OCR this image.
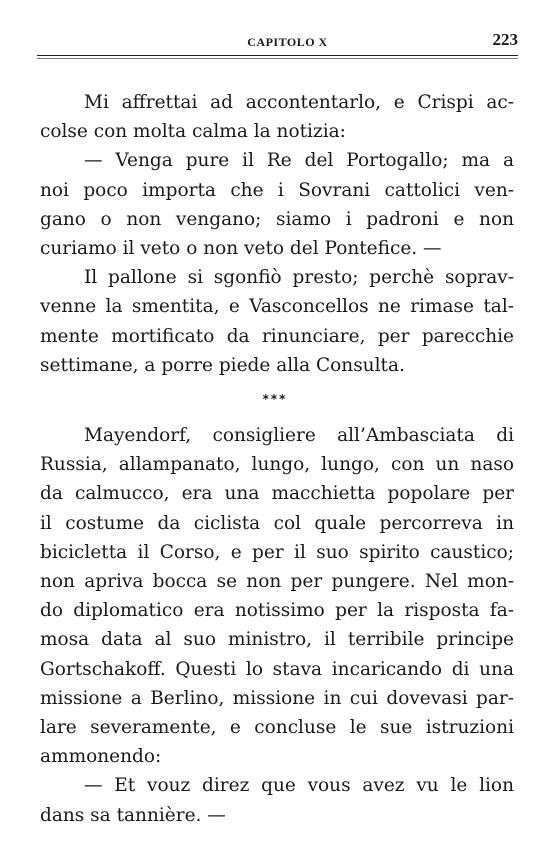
CAPITOLO X	223
Mi affrettai ad accontentarlo, e Crispi ac-
colse con molta calma la notizia:
— Venga pure il Re del Portogallo; ma a
noi poco importa che i Sovrani cattolici ven-
gano o non vengano; siamo i padroni e non
curiamo il veto o non veto del Pontefice. —
Il pallone si sgonfiò presto; perchè soprav-
venne la smentita, e Vasconcellos ne rimase tal-
mente mortificato da rinunciare, per parecchie
settimane, a porre piede alla Consulta.
***
Mayendorf, consigliere all’Ambasciata di
Russia, allampanato, lungo, lungo, con un naso
da calmucco, era una macchietta popolare per
il costume da ciclista col quale percorreva in
bicicletta il Corso, e per il suo spirito caustico;
non apriva bocca se non per pungere. Nel mon-
do diplomatico era notissimo per la risposta fa-
mosa data al suo ministro, il terribile principe
Gortschakoff. Questi lo stava incaricando di una
missione a Berlino, missione in cui dovevasi par-
lare severamente, e concluse le sue istruzioni
ammonendo:
— Et vouz direz que vous avez vu le lion
dans sa tannière. —
